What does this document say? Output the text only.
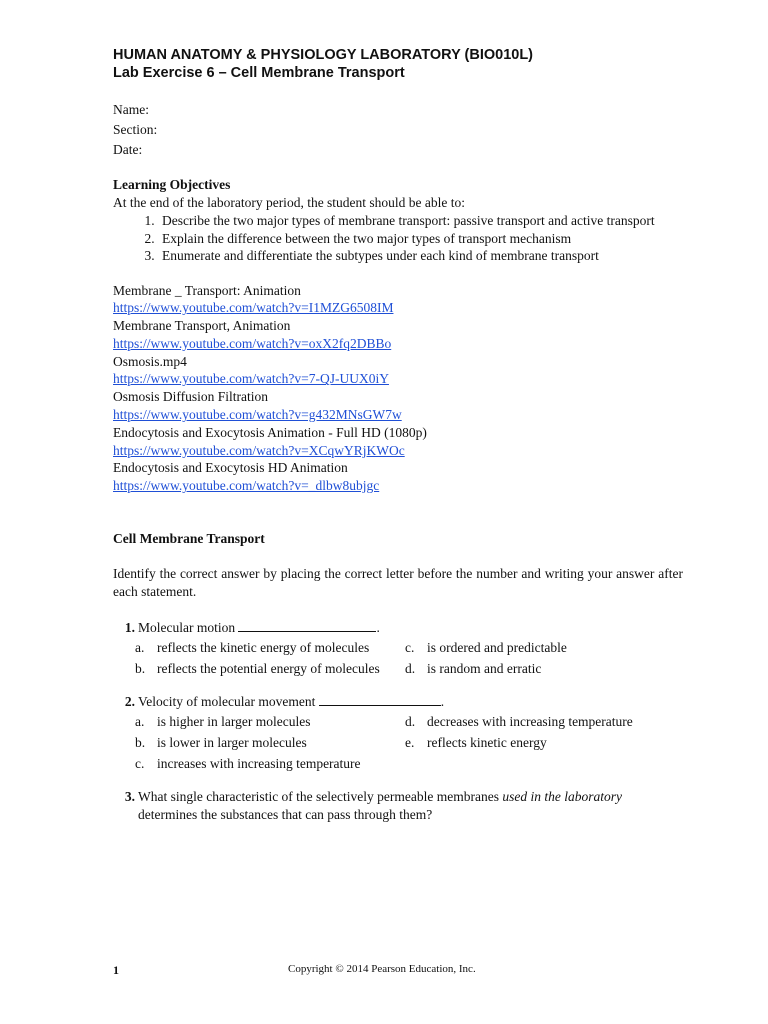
HUMAN ANATOMY & PHYSIOLOGY LABORATORY (BIO010L)
Lab Exercise 6 – Cell Membrane Transport
Name:
Section:
Date:
Learning Objectives
At the end of the laboratory period, the student should be able to:
1. Describe the two major types of membrane transport: passive transport and active transport
2. Explain the difference between the two major types of transport mechanism
3. Enumerate and differentiate the subtypes under each kind of membrane transport
Membrane _ Transport: Animation
https://www.youtube.com/watch?v=I1MZG6508IM
Membrane Transport, Animation
https://www.youtube.com/watch?v=oxX2fq2DBBo
Osmosis.mp4
https://www.youtube.com/watch?v=7-QJ-UUX0iY
Osmosis Diffusion Filtration
https://www.youtube.com/watch?v=g432MNsGW7w
Endocytosis and Exocytosis Animation - Full HD (1080p)
https://www.youtube.com/watch?v=XCqwYRjKWOc
Endocytosis and Exocytosis HD Animation
https://www.youtube.com/watch?v=_dlbw8ubjgc
Cell Membrane Transport
Identify the correct answer by placing the correct letter before the number and writing your answer after each statement.
1. Molecular motion	.
a. reflects the kinetic energy of molecules	c. is ordered and predictable
b. reflects the potential energy of molecules	d. is random and erratic
2. Velocity of molecular movement	.
a. is higher in larger molecules	d. decreases with increasing temperature
b. is lower in larger molecules	e. reflects kinetic energy
c. increases with increasing temperature
3. What single characteristic of the selectively permeable membranes used in the laboratory determines the substances that can pass through them?
1	Copyright © 2014 Pearson Education, Inc.
